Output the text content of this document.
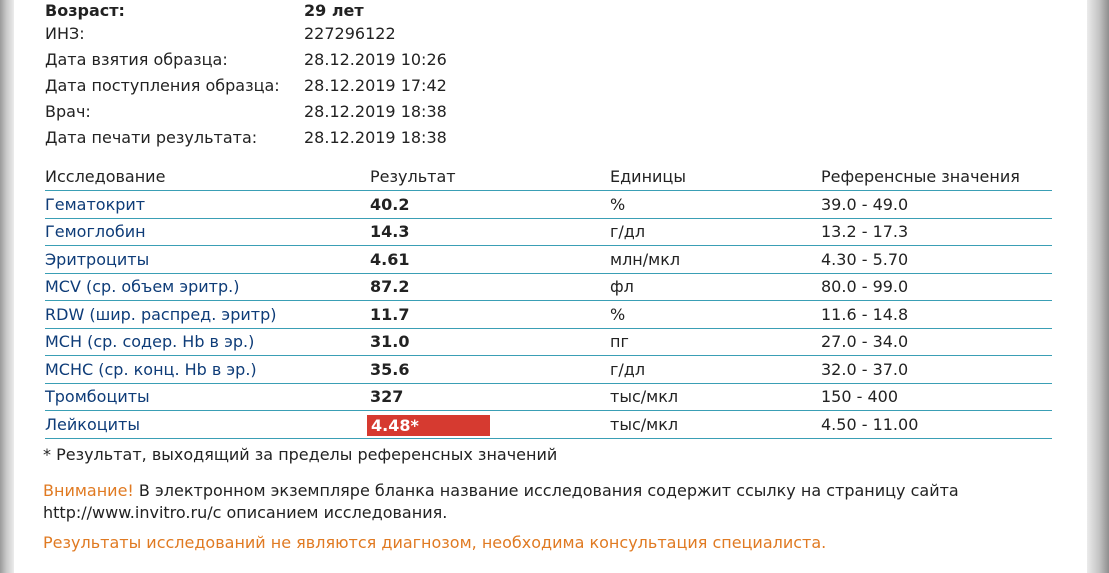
Возраст:	29 лет
ИНЗ:	227296122
Дата взятия образца:	28.12.2019 10:26
Дата поступления образца: 28.12.2019 17:42
Врач:	28.12.2019 18:38
Дата печати результата:	28.12.2019 18:38
Исследование	Результат	Единицы	Референсные значения
Гематокрит	40.2	%	39.0 - 49.0
Гемоглобин	14.3	г/дл	13.2 - 17.3
Эритроциты	4.61	млн/мкл	4.30 - 5.70
MCV (ср. объем эритр.)	87.2	фл	80.0 - 99.0
RDW (шир. распред. эритр)	11.7	%	11.6 - 14.8
MCH (ср. содер. Hb в эр.)	31.0	пг	27.0 - 34.0
MCHC (ср. конц. Hb в эр.)	35.6	г/дл	32.0 - 37.0
Тромбоциты	327	тыс/мкл	150 - 400
Лейкоциты	4.48*	тыс/мкл	4.50 - 11.00
* Результат, выходящий за пределы референсных значений
Внимание! В электронном экземпляре бланка название исследования содержит ссылку на страницу сайта
http://www.invitro.ru/с описанием исследования.
Результаты исследований не являются диагнозом, необходима консультация специалиста.
